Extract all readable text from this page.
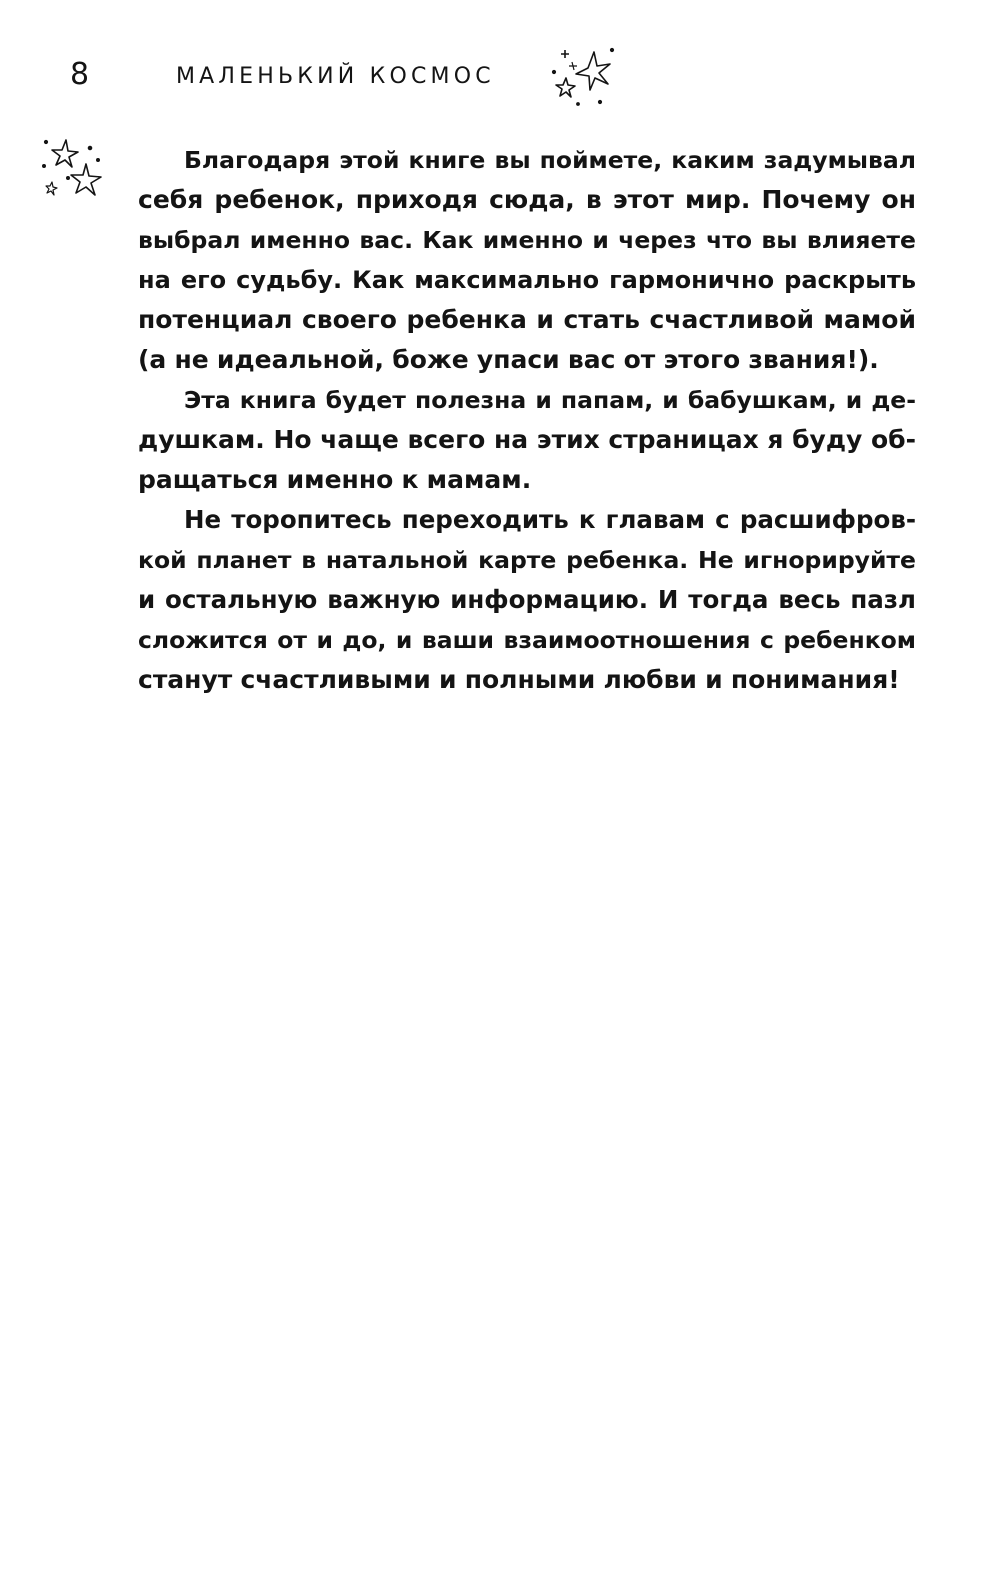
8	МАЛЕНЬКИЙ КОСМОС

Благодаря этой книге вы поймете, каким задумывал
себя ребенок, приходя сюда, в этот мир. Почему он
выбрал именно вас. Как именно и через что вы влияете
на его судьбу. Как максимально гармонично раскрыть
потенциал своего ребенка и стать счастливой мамой
(а не идеальной, боже упаси вас от этого звания!).

Эта книга будет полезна и папам, и бабушкам, и де-
душкам. Но чаще всего на этих страницах я буду об-
ращаться именно к мамам.

Не торопитесь переходить к главам с расшифров-
кой планет в натальной карте ребенка. Не игнорируйте
и остальную важную информацию. И тогда весь пазл
сложится от и до, и ваши взаимоотношения с ребенком
станут счастливыми и полными любви и понимания!
